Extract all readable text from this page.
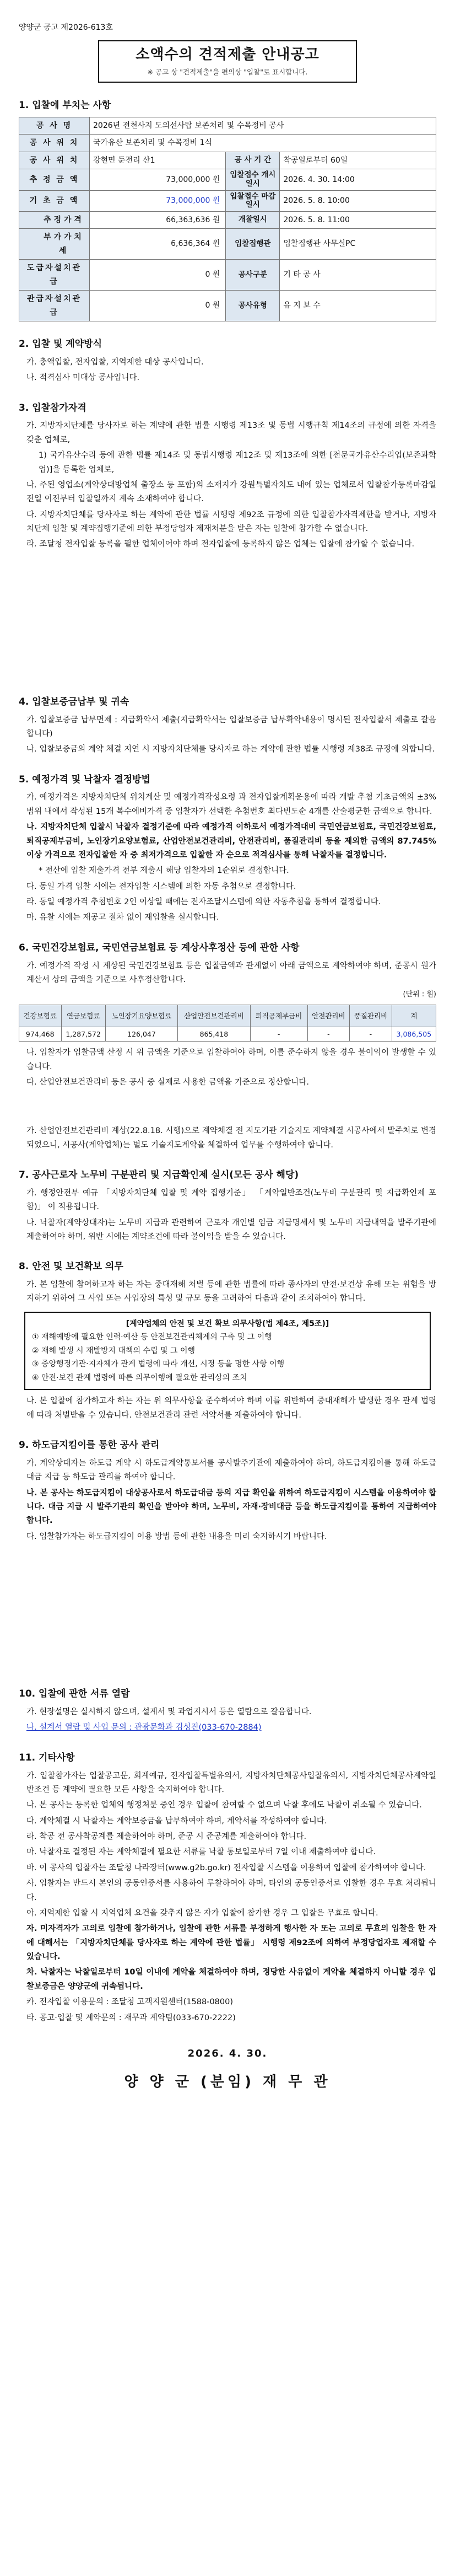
양양군 공고 제2026-613호
소액수의 견적제출 안내공고
※ 공고 상 "견적제출"을 편의상 "입찰"로 표시합니다.
1. 입찰에 부치는 사항
공 사 명	2026년 전천사지 도의선사탑 보존처리 및 수목정비 공사		
공 사 위 치	국가유산 보존처리 및 수목정비 1식		
공 사 위 치	강현면 둔전리 산1	공 사 기 간	착공일로부터 60일
추 정 금 액	73,000,000 원	입찰접수 개시일시	2026. 4. 30. 14:00
기 초 금 액	73,000,000 원	입찰접수 마감일시	2026. 5. 8. 10:00
추 정 가 격	66,363,636 원	개찰일시	2026. 5. 8. 11:00
부 가 가 치 세	6,636,364 원	입찰집행관	입찰집행관 사무실PC
도급자설치관급	0 원	공사구분	기 타 공 사
관급자설치관급	0 원	공사유형	유 지 보 수
2. 입찰 및 계약방식
가. 총액입찰, 전자입찰, 지역제한 대상 공사입니다.
나. 적격심사 미대상 공사입니다.
3. 입찰참가자격
가. 지방자치단체를 당사자로 하는 계약에 관한 법률 시행령 제13조 및 동법 시행규칙 제14조의 규정에 의한 자격을 갖춘 업체로,
1) 국가유산수리 등에 관한 법률 제14조 및 동법시행령 제12조 및 제13조에 의한 [전문국가유산수리업(보존과학업)]을 등록한 업체로,
나. 주된 영업소(계약상대방업체 출장소 등 포함)의 소재지가 강원특별자치도 내에 있는 업체로서 입찰참가등록마감일 전일 이전부터 입찰일까지 계속 소재하여야 합니다.
다. 지방자치단체를 당사자로 하는 계약에 관한 법률 시행령 제92조 규정에 의한 입찰참가자격제한을 받거나, 지방자치단체 입찰 및 계약집행기준에 의한 부정당업자 제재처분을 받은 자는 입찰에 참가할 수 없습니다.
라. 조달청 전자입찰 등록을 필한 업체이어야 하며 전자입찰에 등록하지 않은 업체는 입찰에 참가할 수 없습니다.
4. 입찰보증금납부 및 귀속
가. 입찰보증금 납부면제 : 지급확약서 제출(지급확약서는 입찰보증금 납부확약내용이 명시된 전자입찰서 제출로 갈음합니다)
나. 입찰보증금의 계약 체결 지연 시 지방자치단체를 당사자로 하는 계약에 관한 법률 시행령 제38조 규정에 의합니다.
5. 예정가격 및 낙찰자 결정방법
가. 예정가격은 지방자치단체 위치계산 및 예정가격작성요령 과 전자입찰계획운용에 따라 개발 추첨 기초금액의 ±3% 범위 내에서 작성된 15개 복수예비가격 중 입찰자가 선택한 추첨번호 최다빈도순 4개를 산술평균한 금액으로 합니다.
나. 지방자치단체 입찰시 낙찰자 결정기준에 따라 예정가격 이하로서 예정가격대비 국민연금보험료, 국민건강보험료, 퇴직공제부금비, 노인장기요양보험료, 산업안전보건관리비, 안전관리비, 품질관리비 등을 제외한 금액의 87.745% 이상 가격으로 전자입찰한 자 중 최저가격으로 입찰한 자 순으로 적격심사를 통해 낙찰자를 결정합니다.
* 전산에 입찰 제출가격 전부 제출시 해당 입찰자의 1순위로 결정합니다.
다. 동일 가격 입찰 시에는 전자입찰 시스템에 의한 자동 추첨으로 결정합니다.
라. 동일 예정가격 추첨번호 2인 이상일 때에는 전자조달시스템에 의한 자동추첨을 통하여 결정합니다.
마. 유찰 시에는 재공고 절차 없이 재입찰을 실시합니다.
6. 국민건강보험료, 국민연금보험료 등 계상사후정산 등에 관한 사항
가. 예정가격 작성 시 계상된 국민건강보험료 등은 입찰금액과 관계없이 아래 금액으로 계약하여야 하며, 준공시 원가계산서 상의 금액을 기준으로 사후정산합니다.
(단위 : 원)
건강보험료	연금보험료	노인장기요양보험료	산업안전보건관리비	퇴직공제부금비	안전관리비	품질관리비	계
974,468	1,287,572	126,047	865,418	-	-	-	3,086,505
나. 입찰자가 입찰금액 산정 시 위 금액을 기준으로 입찰하여야 하며, 이를 준수하지 않을 경우 불이익이 발생할 수 있습니다.
다. 산업안전보건관리비 등은 공사 중 실제로 사용한 금액을 기준으로 정산합니다.
가. 산업안전보건관리비 계상(22.8.18. 시행)으로 계약체결 전 지도기관 기술지도 계약체결 시공사에서 발주처로 변경되었으니, 시공사(계약업체)는 별도 기술지도계약을 체결하여 업무를 수행하여야 합니다.
7. 공사근로자 노무비 구분관리 및 지급확인제 실시(모든 공사 해당)
가. 행정안전부 예규 「지방자치단체 입찰 및 계약 집행기준」 「계약일반조건(노무비 구분관리 및 지급확인제 포함)」 이 적용됩니다.
나. 낙찰자(계약상대자)는 노무비 지급과 관련하여 근로자 개인별 임금 지급명세서 및 노무비 지급내역을 발주기관에 제출하여야 하며, 위반 시에는 계약조건에 따라 불이익을 받을 수 있습니다.
8. 안전 및 보건확보 의무
가. 본 입찰에 참여하고자 하는 자는 중대재해 처벌 등에 관한 법률에 따라 종사자의 안전·보건상 유해 또는 위험을 방지하기 위하여 그 사업 또는 사업장의 특성 및 규모 등을 고려하여 다음과 같이 조치하여야 합니다.
[계약업체의 안전 및 보건 확보 의무사항(법 제4조, 제5조)]
① 재해예방에 필요한 인력·예산 등 안전보건관리체계의 구축 및 그 이행
② 재해 발생 시 재발방지 대책의 수립 및 그 이행
③ 중앙행정기관·지자체가 관계 법령에 따라 개선, 시정 등을 명한 사항 이행
④ 안전·보건 관계 법령에 따른 의무이행에 필요한 관리상의 조치
나. 본 입찰에 참가하고자 하는 자는 위 의무사항을 준수하여야 하며 이를 위반하여 중대재해가 발생한 경우 관계 법령에 따라 처벌받을 수 있습니다. 안전보건관리 관련 서약서를 제출하여야 합니다.
9. 하도급지킴이를 통한 공사 관리
가. 계약상대자는 하도급 계약 시 하도급계약통보서를 공사발주기관에 제출하여야 하며, 하도급지킴이를 통해 하도급 대금 지급 등 하도급 관리를 하여야 합니다.
나. 본 공사는 하도급지킴이 대상공사로서 하도급대금 등의 지급 확인을 위하여 하도급지킴이 시스템을 이용하여야 합니다. 대금 지급 시 발주기관의 확인을 받아야 하며, 노무비, 자재·장비대금 등을 하도급지킴이를 통하여 지급하여야 합니다.
다. 입찰참가자는 하도급지킴이 이용 방법 등에 관한 내용을 미리 숙지하시기 바랍니다.
10. 입찰에 관한 서류 열람
가. 현장설명은 실시하지 않으며, 설계서 및 과업지시서 등은 열람으로 갈음합니다.
나. 설계서 열람 및 사업 문의 : 관광문화과 김성진(033-670-2884)
11. 기타사항
가. 입찰참가자는 입찰공고문, 회계예규, 전자입찰특별유의서, 지방자치단체공사입찰유의서, 지방자치단체공사계약일반조건 등 계약에 필요한 모든 사항을 숙지하여야 합니다.
나. 본 공사는 등록한 업체의 행정처분 중인 경우 입찰에 참여할 수 없으며 낙찰 후에도 낙찰이 취소될 수 있습니다.
다. 계약체결 시 낙찰자는 계약보증금을 납부하여야 하며, 계약서를 작성하여야 합니다.
라. 착공 전 공사착공계를 제출하여야 하며, 준공 시 준공계를 제출하여야 합니다.
마. 낙찰자로 결정된 자는 계약체결에 필요한 서류를 낙찰 통보일로부터 7일 이내 제출하여야 합니다.
바. 이 공사의 입찰자는 조달청 나라장터(www.g2b.go.kr) 전자입찰 시스템을 이용하여 입찰에 참가하여야 합니다.
사. 입찰자는 반드시 본인의 공동인증서를 사용하여 투찰하여야 하며, 타인의 공동인증서로 입찰한 경우 무효 처리됩니다.
아. 지역제한 입찰 시 지역업체 요건을 갖추지 않은 자가 입찰에 참가한 경우 그 입찰은 무효로 합니다.
자. 미자격자가 고의로 입찰에 참가하거나, 입찰에 관한 서류를 부정하게 행사한 자 또는 고의로 무효의 입찰을 한 자에 대해서는 「지방자치단체를 당사자로 하는 계약에 관한 법률」 시행령 제92조에 의하여 부정당업자로 제재할 수 있습니다.
차. 낙찰자는 낙찰일로부터 10일 이내에 계약을 체결하여야 하며, 정당한 사유없이 계약을 체결하지 아니할 경우 입찰보증금은 양양군에 귀속됩니다.
카. 전자입찰 이용문의 : 조달청 고객지원센터(1588-0800)
타. 공고·입찰 및 계약문의 : 재무과 계약팀(033-670-2222)
2026. 4. 30.
양 양 군 (분임) 재 무 관
